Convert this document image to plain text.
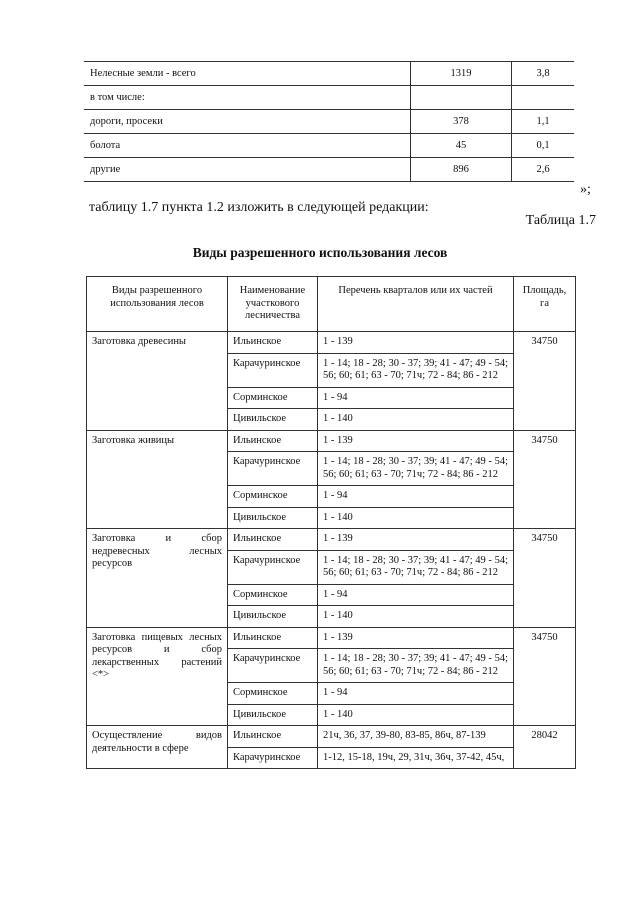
Нелесные земли - всего	1319	3,8
в том числе:		
дороги, просеки	378	1,1
болота	45	0,1
другие	896	2,6
»;
таблицу 1.7 пункта 1.2 изложить в следующей редакции:
Таблица 1.7
Виды разрешенного использования лесов
Виды разрешенного использования лесов	Наименование участкового лесничества	Перечень кварталов или их частей	Площадь, га
Заготовка древесины	Ильинское	1 - 139	34750
	Карачуринское	1 - 14; 18 - 28; 30 - 37; 39; 41 - 47; 49 - 54; 56; 60; 61; 63 - 70; 71ч; 72 - 84; 86 - 212	
	Сорминское	1 - 94	
	Цивильское	1 - 140	
Заготовка живицы	Ильинское	1 - 139	34750
	Карачуринское	1 - 14; 18 - 28; 30 - 37; 39; 41 - 47; 49 - 54; 56; 60; 61; 63 - 70; 71ч; 72 - 84; 86 - 212	
	Сорминское	1 - 94	
	Цивильское	1 - 140	
Заготовка и сбор недревесных лесных ресурсов	Ильинское	1 - 139	34750
	Карачуринское	1 - 14; 18 - 28; 30 - 37; 39; 41 - 47; 49 - 54; 56; 60; 61; 63 - 70; 71ч; 72 - 84; 86 - 212	
	Сорминское	1 - 94	
	Цивильское	1 - 140	
Заготовка пищевых лесных ресурсов и сбор лекарственных растений <*>	Ильинское	1 - 139	34750
	Карачуринское	1 - 14; 18 - 28; 30 - 37; 39; 41 - 47; 49 - 54; 56; 60; 61; 63 - 70; 71ч; 72 - 84; 86 - 212	
	Сорминское	1 - 94	
	Цивильское	1 - 140	
Осуществление видов деятельности в сфере	Ильинское	21ч, 36, 37, 39-80, 83-85, 86ч, 87-139	28042
	Карачуринское	1-12, 15-18, 19ч, 29, 31ч, 36ч, 37-42, 45ч,	
